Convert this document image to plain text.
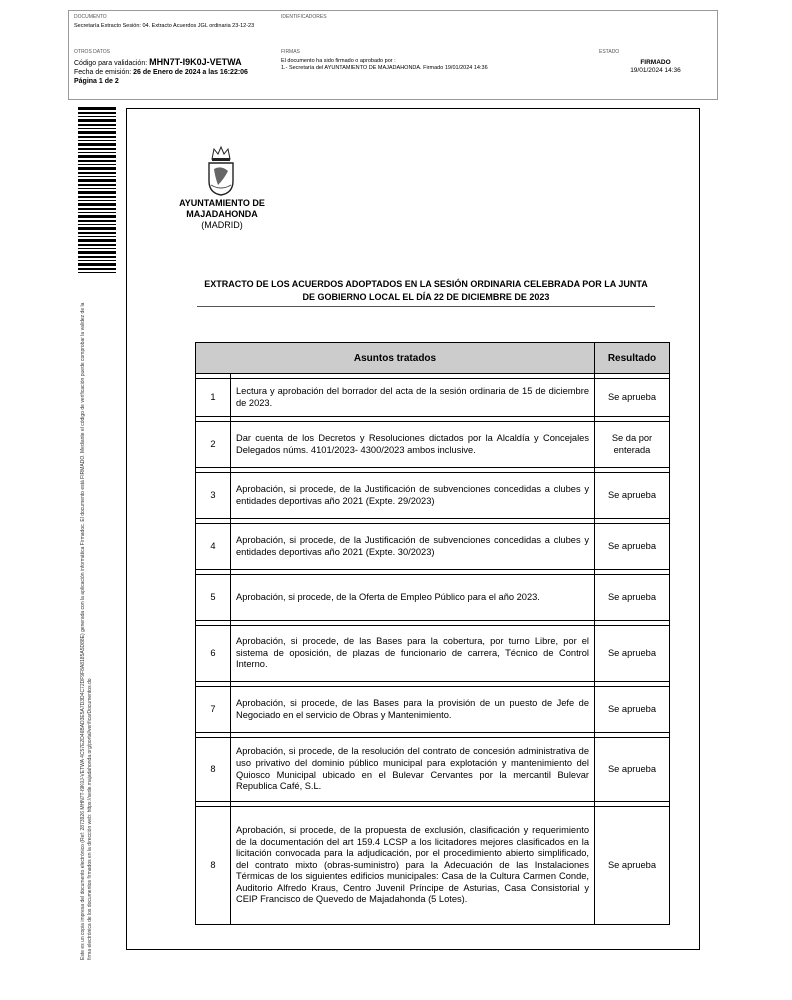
DOCUMENTO
Secretaría Extracto Sesión: 04. Extracto Acuerdos JGL ordinaria 23-12-23
IDENTIFICADORES
OTROS DATOS
Código para validación: MHN7T-I9K0J-VETWA
Fecha de emisión: 26 de Enero de 2024 a las 16:22:06
Página 1 de 2
FIRMAS
El documento ha sido firmado o aprobado por :
1.- Secretaría del AYUNTAMIENTO DE MAJADAHONDA. Firmado 19/01/2024 14:36
ESTADO
FIRMADO
19/01/2024 14:36
Este es un copia impresa del documento electrónico (Ref: 2873926 MHN7T-I9K0J-VETWA 4C57E2D46BAD3E5A7D3D4C72DF9F8A8185A5D88E) generada con la aplicación informática Firmadoc. El documento está FIRMADO. Mediante el código de verificación puede comprobar la validez de la firma electrónica de los documentos firmados en la dirección web: https://sede.majadahonda.org/portal/verificarDocumentos.do
AYUNTAMIENTO DE
MAJADAHONDA
(MADRID)
EXTRACTO DE LOS ACUERDOS ADOPTADOS EN LA SESIÓN ORDINARIA CELEBRADA POR LA JUNTA DE GOBIERNO LOCAL EL DÍA 22 DE DICIEMBRE DE 2023
Asuntos tratados		Resultado

1	Lectura y aprobación del borrador del acta de la sesión ordinaria de 15 de diciembre de 2023.	Se aprueba

2	Dar cuenta de los Decretos y Resoluciones dictados por la Alcaldía y Concejales Delegados núms. 4101/2023- 4300/2023 ambos inclusive.	Se da por enterada

3	Aprobación, si procede, de la Justificación de subvenciones concedidas a clubes y entidades deportivas año 2021 (Expte. 29/2023)	Se aprueba

4	Aprobación, si procede, de la Justificación de subvenciones concedidas a clubes y entidades deportivas año 2021 (Expte. 30/2023)	Se aprueba

5	Aprobación, si procede, de la Oferta de Empleo Público para el año 2023.	Se aprueba

6	Aprobación, si procede, de las Bases para la cobertura, por turno Libre, por el sistema de oposición, de plazas de funcionario de carrera, Técnico de Control Interno.	Se aprueba

7	Aprobación, si procede, de las Bases para la provisión de un puesto de Jefe de Negociado en el servicio de Obras y Mantenimiento.	Se aprueba

8	Aprobación, si procede, de la resolución del contrato de concesión administrativa de uso privativo del dominio público municipal para explotación y mantenimiento del Quiosco Municipal ubicado en el Bulevar Cervantes por la mercantil Bulevar Republica Café, S.L.	Se aprueba

8	Aprobación, si procede, de la propuesta de exclusión, clasificación y requerimiento de la documentación del art 159.4 LCSP a los licitadores mejores clasificados en la licitación convocada para la adjudicación, por el procedimiento abierto simplificado, del contrato mixto (obras-suministro) para la Adecuación de las Instalaciones Térmicas de los siguientes edificios municipales: Casa de la Cultura Carmen Conde, Auditorio Alfredo Kraus, Centro Juvenil Príncipe de Asturias, Casa Consistorial y CEIP Francisco de Quevedo de Majadahonda (5 Lotes).	Se aprueba
